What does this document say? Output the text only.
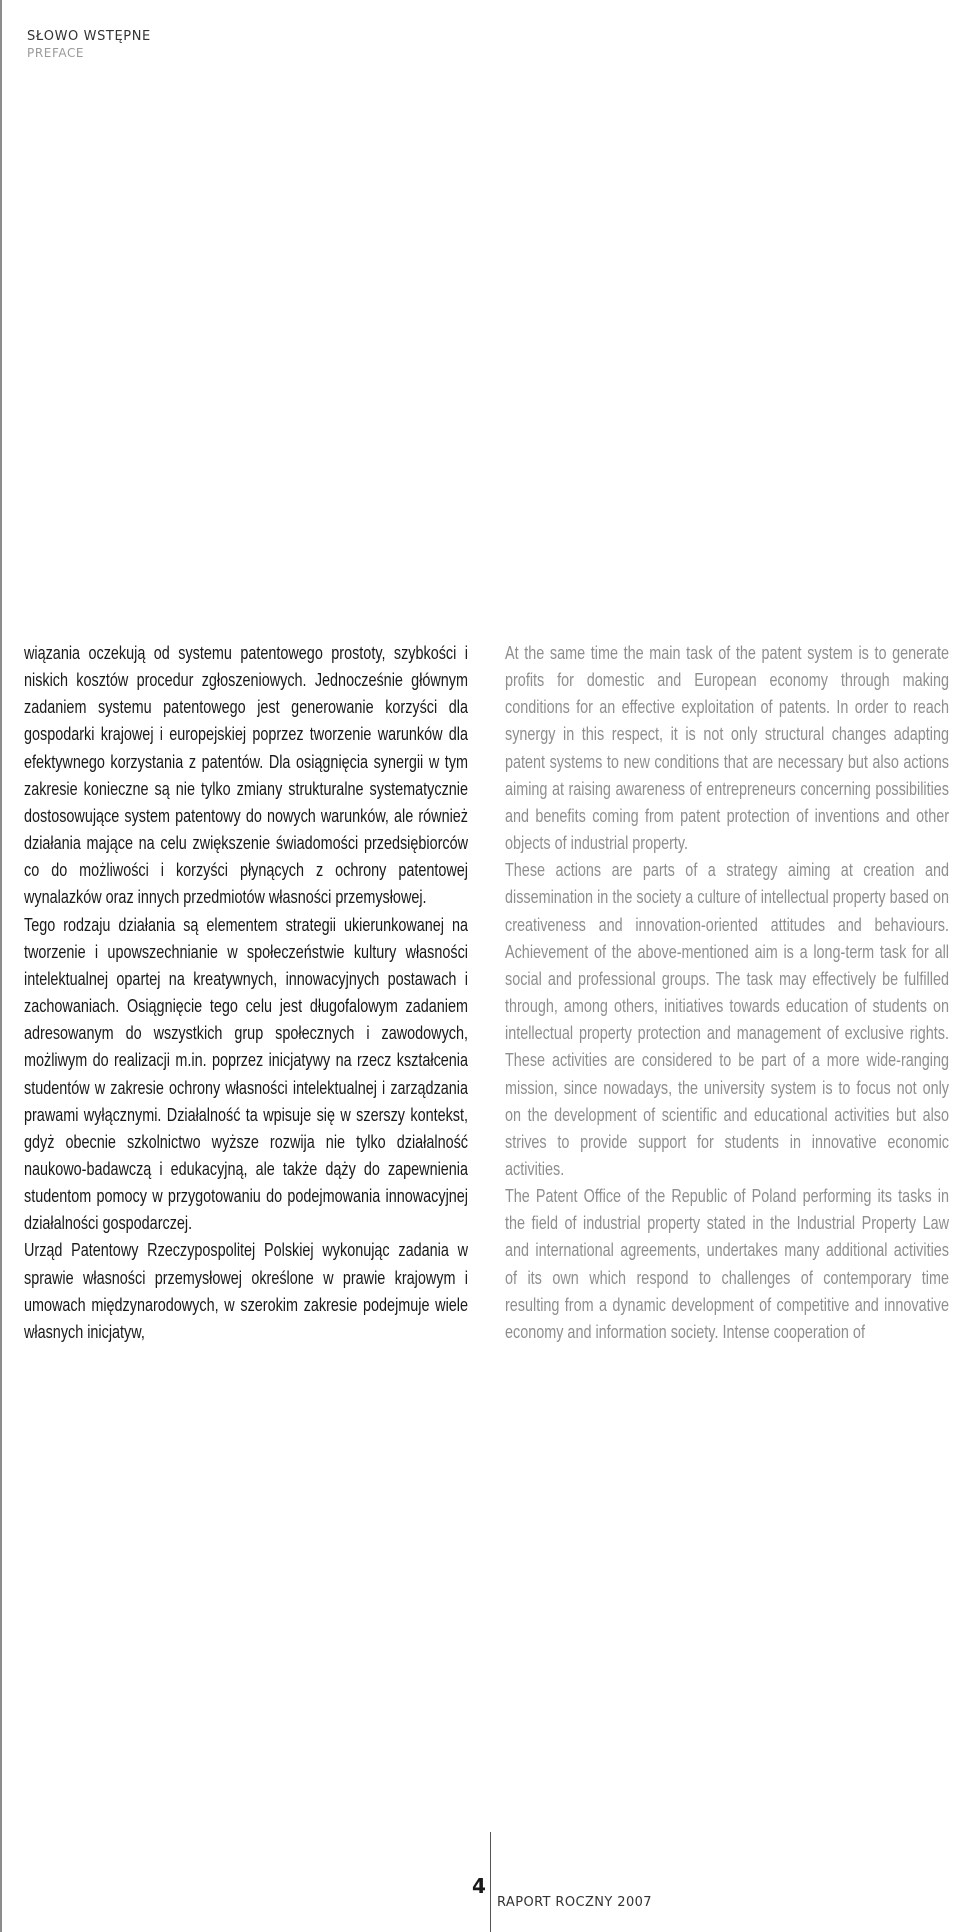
SŁOWO WSTĘPNE
PREFACE

wiązania oczekują od systemu patentowego prostoty, szybkości i niskich kosztów procedur zgłoszeniowych. Jednocześnie głównym zadaniem systemu patentowego jest generowanie korzyści dla gospodarki krajowej i europejskiej poprzez tworzenie warunków dla efektywnego korzystania z patentów. Dla osiągnięcia synergii w tym zakresie konieczne są nie tylko zmiany strukturalne systematycznie dostosowujące system patentowy do nowych warunków, ale również działania mające na celu zwiększenie świadomości przedsiębiorców co do możliwości i korzyści płynących z ochrony patentowej wynalazków oraz innych przedmiotów własności przemysłowej.

Tego rodzaju działania są elementem strategii ukierunkowanej na tworzenie i upowszechnianie w społeczeństwie kultury własności intelektualnej opartej na kreatywnych, innowacyjnych postawach i zachowaniach. Osiągnięcie tego celu jest długofalowym zadaniem adresowanym do wszystkich grup społecznych i zawodowych, możliwym do realizacji m.in. poprzez inicjatywy na rzecz kształcenia studentów w zakresie ochrony własności intelektualnej i zarządzania prawami wyłącznymi. Działalność ta wpisuje się w szerszy kontekst, gdyż obecnie szkolnictwo wyższe rozwija nie tylko działalność naukowo-badawczą i edukacyjną, ale także dąży do zapewnienia studentom pomocy w przygotowaniu do podejmowania innowacyjnej działalności gospodarczej.

Urząd Patentowy Rzeczypospolitej Polskiej wykonując zadania w sprawie własności przemysłowej określone w prawie krajowym i umowach międzynarodowych, w szerokim zakresie podejmuje wiele własnych inicjatyw,

At the same time the main task of the patent system is to generate profits for domestic and European economy through making conditions for an effective exploitation of patents. In order to reach synergy in this respect, it is not only structural changes adapting patent systems to new conditions that are necessary but also actions aiming at raising awareness of entrepreneurs concerning possibilities and benefits coming from patent protection of inventions and other objects of industrial property.

These actions are parts of a strategy aiming at creation and dissemination in the society a culture of intellectual property based on creativeness and innovation-oriented attitudes and behaviours. Achievement of the above-mentioned aim is a long-term task for all social and professional groups. The task may effectively be fulfilled through, among others, initiatives towards education of students on intellectual property protection and management of exclusive rights. These activities are considered to be part of a more wide-ranging mission, since nowadays, the university system is to focus not only on the development of scientific and educational activities but also strives to provide support for students in innovative economic activities.

The Patent Office of the Republic of Poland performing its tasks in the field of industrial property stated in the Industrial Property Law and international agreements, undertakes many additional activities of its own which respond to challenges of contemporary time resulting from a dynamic development of competitive and innovative economy and information society. Intense cooperation of

4
RAPORT ROCZNY 2007
